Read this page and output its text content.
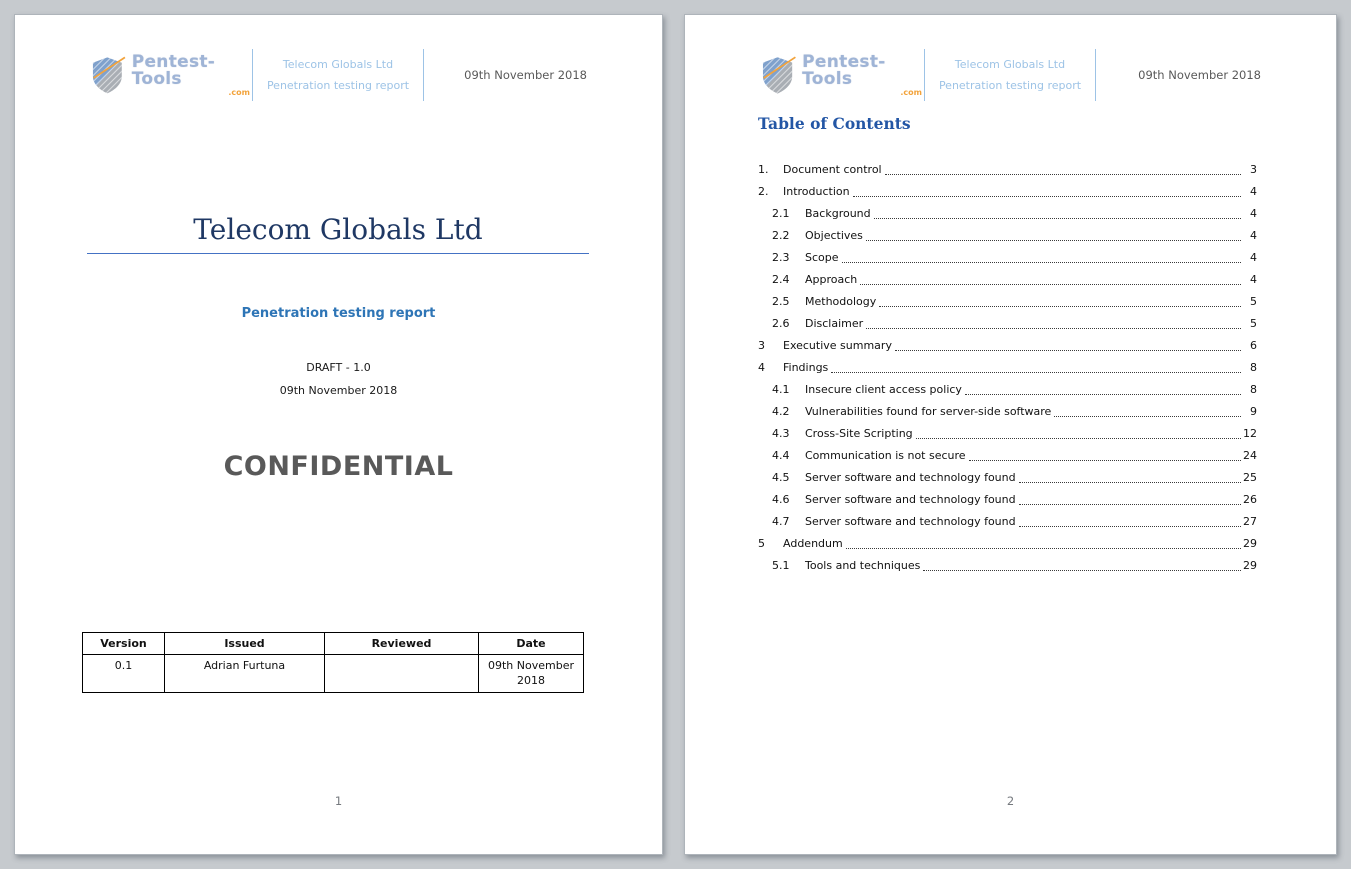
Pentest-Tools
.com
Telecom Globals Ltd
Penetration testing report
09th November 2018
Telecom Globals Ltd
Penetration testing report
DRAFT - 1.0
09th November 2018
CONFIDENTIAL
Version	Issued	Reviewed	Date
0.1	Adrian Furtuna		09th November 2018
1
Pentest-Tools
.com
Telecom Globals Ltd
Penetration testing report
09th November 2018
Table of Contents
1.	Document control	3
2.	Introduction	4
2.1	Background	4
2.2	Objectives	4
2.3	Scope	4
2.4	Approach	4
2.5	Methodology	5
2.6	Disclaimer	5
3	Executive summary	6
4	Findings	8
4.1	Insecure client access policy	8
4.2	Vulnerabilities found for server-side software	9
4.3	Cross-Site Scripting	12
4.4	Communication is not secure	24
4.5	Server software and technology found	25
4.6	Server software and technology found	26
4.7	Server software and technology found	27
5	Addendum	29
5.1	Tools and techniques	29
2
